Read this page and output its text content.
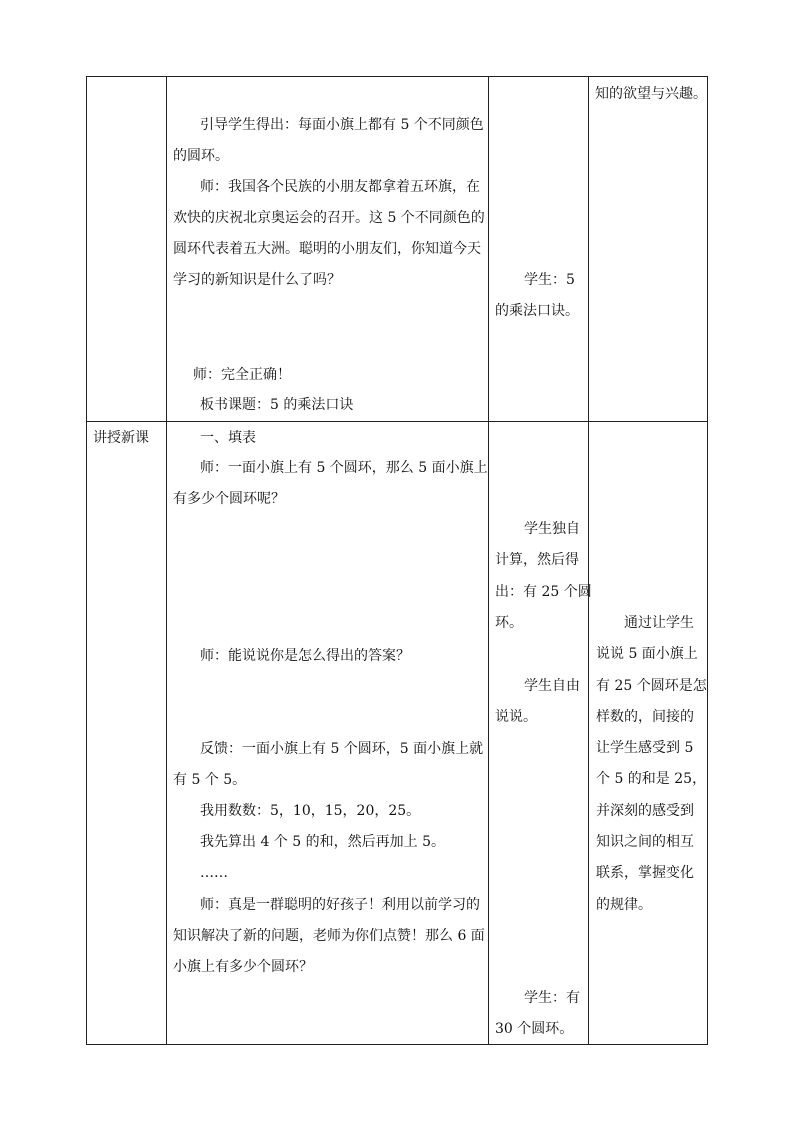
引导学生得出：每面小旗上都有 5 个不同颜色
的圆环。
师：我国各个民族的小朋友都拿着五环旗，在
欢快的庆祝北京奥运会的召开。这 5 个不同颜色的
圆环代表着五大洲。聪明的小朋友们，你知道今天
学习的新知识是什么了吗？
师：完全正确！
板书课题：5 的乘法口诀
学生：5
的乘法口诀。
知的欲望与兴趣。
讲授新课	一、填表
师：一面小旗上有 5 个圆环，那么 5 面小旗上
有多少个圆环呢？
师：能说说你是怎么得出的答案？
反馈：一面小旗上有 5 个圆环，5 面小旗上就
有 5 个 5。
我用数数：5，10，15，20，25。
我先算出 4 个 5 的和，然后再加上 5。
……
师：真是一群聪明的好孩子！利用以前学习的
知识解决了新的问题，老师为你们点赞！那么 6 面
小旗上有多少个圆环？
学生独自
计算，然后得
出：有 25 个圆
环。
学生自由
说说。
学生：有
30 个圆环。
通过让学生
说说 5 面小旗上
有 25 个圆环是怎
样数的，间接的
让学生感受到 5
个 5 的和是 25，
并深刻的感受到
知识之间的相互
联系，掌握变化
的规律。
